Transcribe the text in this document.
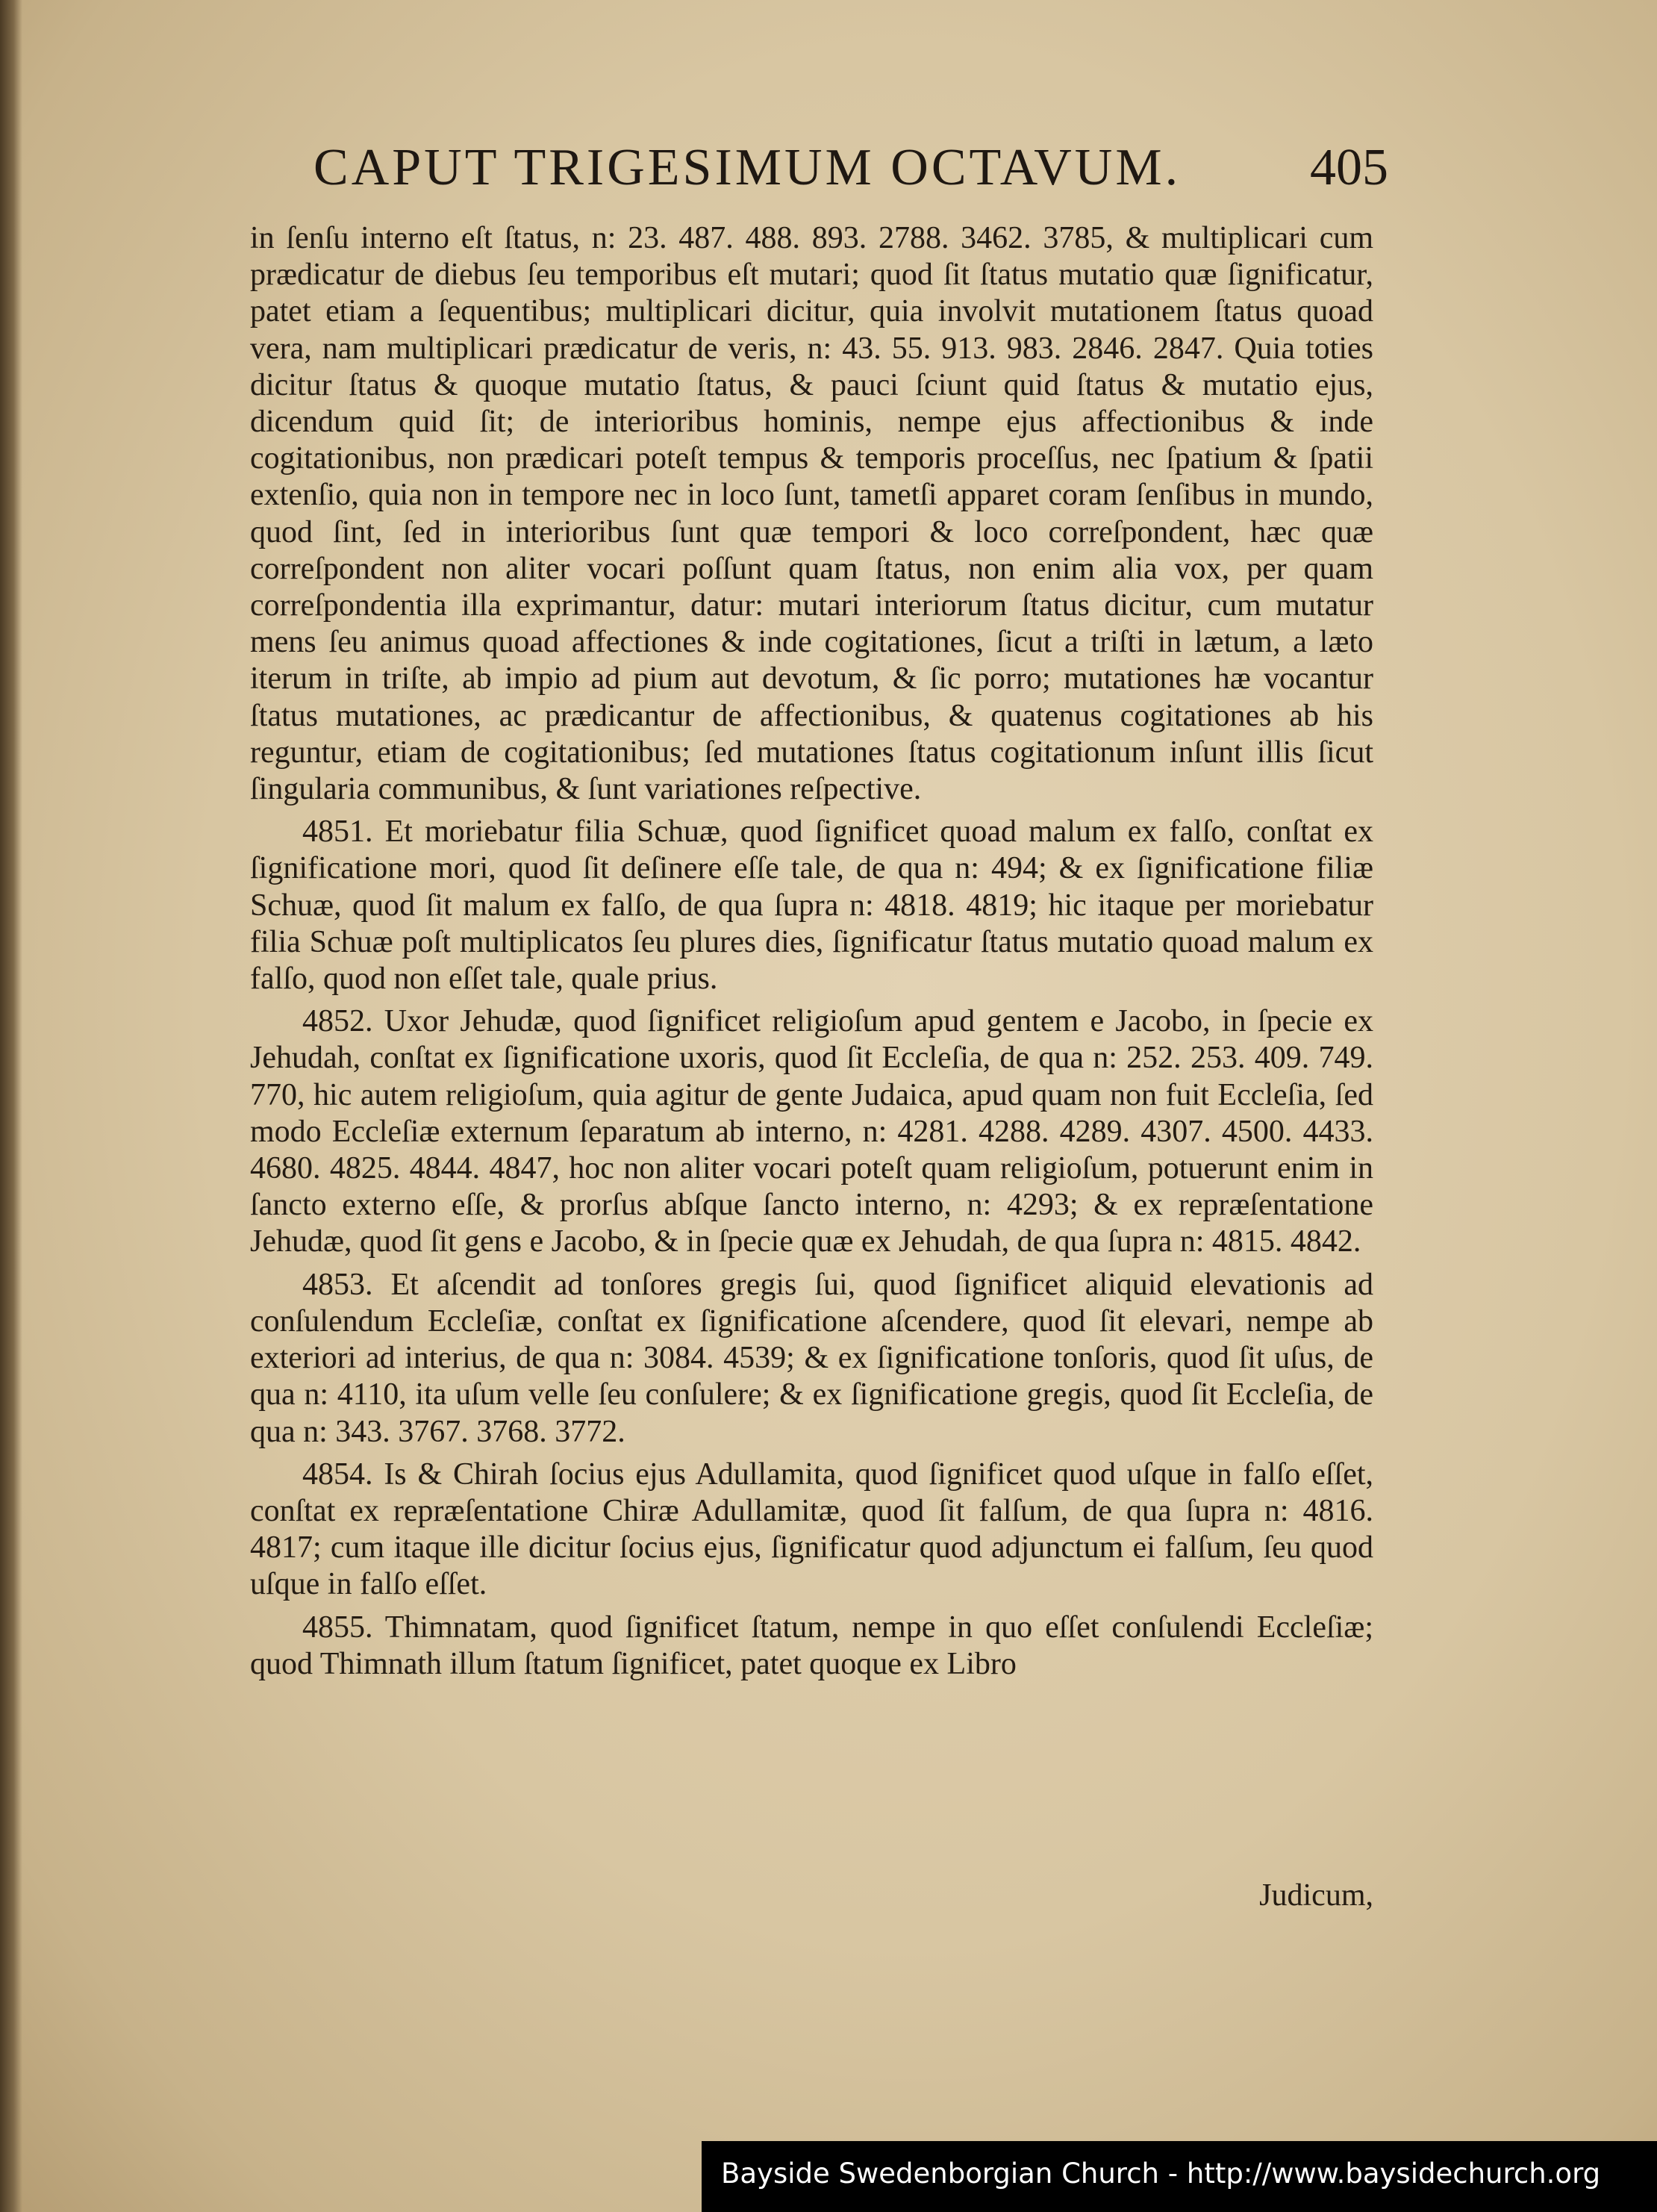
CAPUT TRIGESIMUM OCTAVUM. 405

in ſenſu interno eſt ſtatus, n: 23. 487. 488. 893. 2788. 3462. 3785, & multiplicari cum prædicatur de diebus ſeu temporibus eſt mutari; quod ſit ſtatus mutatio quæ ſignificatur, patet etiam a ſequentibus; multiplicari dicitur, quia involvit mutationem ſtatus quoad vera, nam multiplicari prædicatur de veris, n: 43. 55. 913. 983. 2846. 2847. Quia toties dicitur ſtatus & quoque mutatio ſtatus, & pauci ſciunt quid ſtatus & mutatio ejus, dicendum quid ſit; de interioribus hominis, nempe ejus affectionibus & inde cogitationibus, non prædicari poteſt tempus & temporis proceſſus, nec ſpatium & ſpatii extenſio, quia non in tempore nec in loco ſunt, tametſi apparet coram ſenſibus in mundo, quod ſint, ſed in interioribus ſunt quæ tempori & loco correſpondent, hæc quæ correſpondent non aliter vocari poſſunt quam ſtatus, non enim alia vox, per quam correſpondentia illa exprimantur, datur: mutari interiorum ſtatus dicitur, cum mutatur mens ſeu animus quoad affectiones & inde cogitationes, ſicut a triſti in lætum, a læto iterum in triſte, ab impio ad pium aut devotum, & ſic porro; mutationes hæ vocantur ſtatus mutationes, ac prædicantur de affectionibus, & quatenus cogitationes ab his reguntur, etiam de cogitationibus; ſed mutationes ſtatus cogitationum inſunt illis ſicut ſingularia communibus, & ſunt variationes reſpective.

4851. Et moriebatur filia Schuæ, quod ſignificet quoad malum ex falſo, conſtat ex ſignificatione mori, quod ſit deſinere eſſe tale, de qua n: 494; & ex ſignificatione filiæ Schuæ, quod ſit malum ex falſo, de qua ſupra n: 4818. 4819; hic itaque per moriebatur filia Schuæ poſt multiplicatos ſeu plures dies, ſignificatur ſtatus mutatio quoad malum ex falſo, quod non eſſet tale, quale prius.

4852. Uxor Jehudæ, quod ſignificet religioſum apud gentem e Jacobo, in ſpecie ex Jehudah, conſtat ex ſignificatione uxoris, quod ſit Eccleſia, de qua n: 252. 253. 409. 749. 770, hic autem religioſum, quia agitur de gente Judaica, apud quam non fuit Eccleſia, ſed modo Eccleſiæ externum ſeparatum ab interno, n: 4281. 4288. 4289. 4307. 4500. 4433. 4680. 4825. 4844. 4847, hoc non aliter vocari poteſt quam religioſum, potuerunt enim in ſancto externo eſſe, & prorſus abſque ſancto interno, n: 4293; & ex repræſentatione Jehudæ, quod ſit gens e Jacobo, & in ſpecie quæ ex Jehudah, de qua ſupra n: 4815. 4842.

4853. Et aſcendit ad tonſores gregis ſui, quod ſignificet aliquid elevationis ad conſulendum Eccleſiæ, conſtat ex ſignificatione aſcendere, quod ſit elevari, nempe ab exteriori ad interius, de qua n: 3084. 4539; & ex ſignificatione tonſoris, quod ſit uſus, de qua n: 4110, ita uſum velle ſeu conſulere; & ex ſignificatione gregis, quod ſit Eccleſia, de qua n: 343. 3767. 3768. 3772.

4854. Is & Chirah ſocius ejus Adullamita, quod ſignificet quod uſque in falſo eſſet, conſtat ex repræſentatione Chiræ Adullamitæ, quod ſit falſum, de qua ſupra n: 4816. 4817; cum itaque ille dicitur ſocius ejus, ſignificatur quod adjunctum ei falſum, ſeu quod uſque in falſo eſſet.

4855. Thimnatam, quod ſignificet ſtatum, nempe in quo eſſet conſulendi Eccleſiæ; quod Thimnath illum ſtatum ſignificet, patet quoque ex Libro

Judicum,
Bayside Swedenborgian Church - http://www.baysidechurch.org
